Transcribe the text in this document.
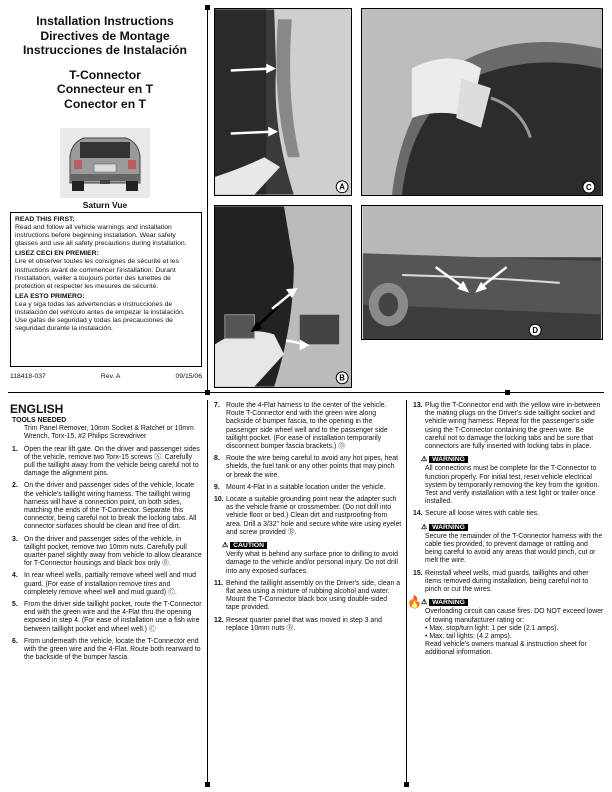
Installation Instructions
Directives de Montage
Instrucciones de Instalación
T-Connector
Connecteur en T
Conector en T
Saturn Vue

READ THIS FIRST:
Read and follow all vehicle warnings and installation instructions before beginning installation. Wear safety glasses and use all safety precautions during installation.

LISEZ CECI EN PREMIER:
Lire et observer toutes les consignes de sécurité et les instructions avant de commencer l'installation. Durant l'installation, veiller à toujours porter des lunettes de protection et respecter les mesures de sécurité.

LEA ESTO PRIMERO:
Lea y siga todas las advertencias e instrucciones de instalación del vehículo antes de empezar la instalación. Use gafas de seguridad y todas las precauciones de seguridad durante la instalación.

118418-037	Rev. A	09/15/06
A	C
B
D
ENGLISH
TOOLS NEEDED
Trim Panel Remover, 10mm Socket & Ratchet or 10mm Wrench, Torx-15, #2 Philips Screwdriver
1. Open the rear lift gate. On the driver and passenger sides of the vehicle, remove two Torx-15 screws Ⓐ. Carefully pull the taillight away from the vehicle being careful not to damage the alignment pins.
2. On the driver and passenger sides of the vehicle, locate the vehicle's taillight wiring harness. The taillight wiring harness will have a connection point, on both sides, matching the ends of the T-Connector. Separate this connector, being careful not to break the locking tabs. All connector surfaces should be clean and free of dirt.
3. On the driver and passenger sides of the vehicle, in taillight pocket, remove two 10mm nuts. Carefully pull quarter panel slightly away from vehicle to allow clearance for T-Connector housings and black box only Ⓑ.
4. In rear wheel wells, partially remove wheel well and mud guard. (For ease of installation remove tires and completely remove wheel well and mud guard) Ⓒ.
5. From the driver side taillight pocket, route the T-Connector end with the green wire and the 4-Flat thru the opening exposed in step 4. (For ease of installation use a fish wire between taillight pocket and wheel well.) Ⓒ
6. From underneath the vehicle, locate the T-Connector end with the green wire and the 4-Flat. Route both rearward to the backside of the bumper fascia.
7. Route the 4-Flat harness to the center of the vehicle. Route T-Connector end with the green wire along backside of bumper fascia, to the opening in the passenger side wheel well and to the passenger side taillight pocket. (For ease of installation temporarily disconnect bumper fascia brackets.) Ⓓ
8. Route the wire being careful to avoid any hot pipes, heat shields, the fuel tank or any other points that may pinch or break the wire.
9. Mount 4-Flat in a suitable location under the vehicle.
10. Locate a suitable grounding point near the adapter such as the vehicle frame or crossmember. (Do not drill into vehicle floor or bed.) Clean dirt and rustproofing from area. Drill a 3/32" hole and secure white wire using eyelet and screw provided Ⓑ.
⚠ CAUTION
Verify what is behind any surface prior to drilling to avoid damage to the vehicle and/or personal injury. Do not drill into any exposed surfaces.
11. Behind the taillight assembly on the Driver's side, clean a flat area using a mixture of rubbing alcohol and water. Mount the T-Connector black box using double-sided tape provided.
12. Reseat quarter panel that was moved in step 3 and replace 10mm nuts Ⓑ.
13. Plug the T-Connector end with the yellow wire in-between the mating plugs on the Driver's side taillight socket and vehicle wiring harness. Repeat for the passenger's side using the T-Connector containing the green wire. Be careful not to damage the locking tabs and be sure that connectors are fully inserted with locking tabs in place.
⚠ WARNING
All connections must be complete for the T-Connector to function properly. For initial test, reset vehicle electrical system by temporarily removing the key from the ignition. Test and verify installation with a test light or trailer once installed.
14. Secure all loose wires with cable ties.
⚠ WARNING
Secure the remainder of the T-Connector harness with the cable ties provided, to prevent damage or rattling and being careful to avoid any areas that would pinch, cut or melt the wire.
15. Reinstall wheel wells, mud guards, taillights and other items removed during installation, being careful not to pinch or cut the wires.
🔥 ⚠ WARNING
Overloading circuit can cause fires. DO NOT exceed lower of towing manufacturer rating or:
• Max. stop/turn light: 1 per side (2.1 amps).
• Max. tail lights: (4.2 amps).
Read vehicle's owners manual & instruction sheet for additional information.
